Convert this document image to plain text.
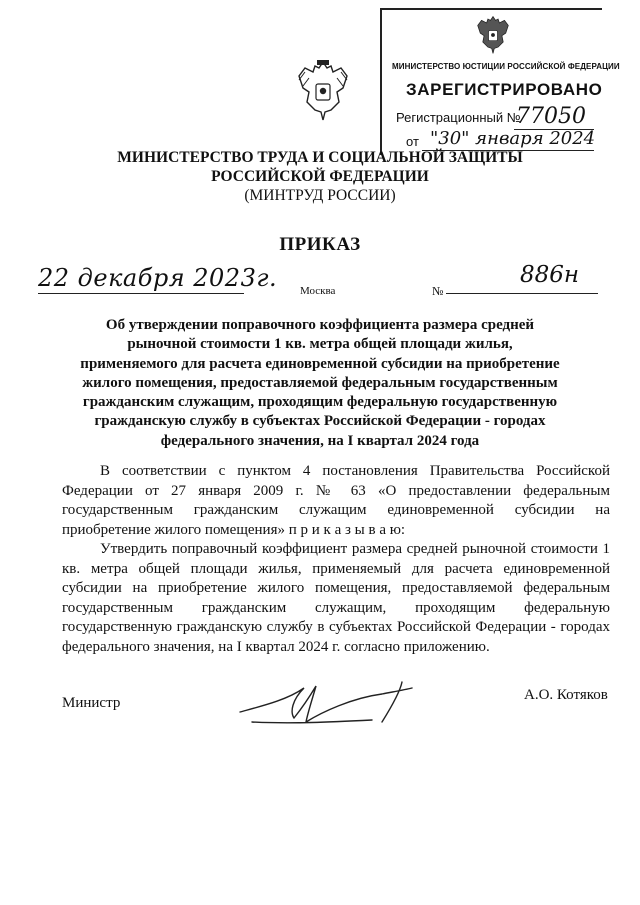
МИНИСТЕРСТВО ЮСТИЦИИ РОССИЙСКОЙ ФЕДЕРАЦИИ
ЗАРЕГИСТРИРОВАНО
Регистрационный №
77050
от "30" января 2024
МИНИСТЕРСТВО ТРУДА И СОЦИАЛЬНОЙ ЗАЩИТЫ
РОССИЙСКОЙ ФЕДЕРАЦИИ
(МИНТРУД РОССИИ)
ПРИКАЗ
22 декабря 2023г. Москва	№
886н
Об утверждении поправочного коэффициента размера средней рыночной стоимости 1 кв. метра общей площади жилья, применяемого для расчета единовременной субсидии на приобретение жилого помещения, предоставляемой федеральным государственным гражданским служащим, проходящим федеральную государственную гражданскую службу в субъектах Российской Федерации - городах федерального значения, на I квартал 2024 года
В соответствии с пунктом 4 постановления Правительства Российской Федерации от 27 января 2009 г. № 63 «О предоставлении федеральным государственным гражданским служащим единовременной субсидии на приобретение жилого помещения» п р и к а з ы в а ю:
Утвердить поправочный коэффициент размера средней рыночной стоимости 1 кв. метра общей площади жилья, применяемый для расчета единовременной субсидии на приобретение жилого помещения, предоставляемой федеральным государственным гражданским служащим, проходящим федеральную государственную гражданскую службу в субъектах Российской Федерации - городах федерального значения, на I квартал 2024 г. согласно приложению.
Министр	А.О. Котяков
